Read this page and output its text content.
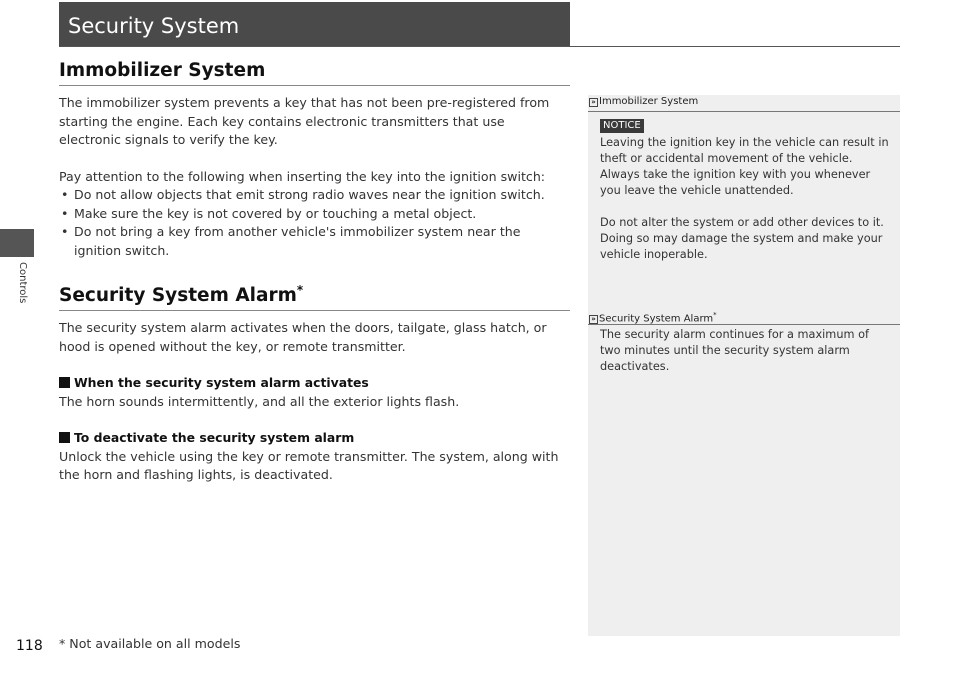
Security System
Controls
Immobilizer System

The immobilizer system prevents a key that has not been pre-registered from starting the engine. Each key contains electronic transmitters that use electronic signals to verify the key.

Pay attention to the following when inserting the key into the ignition switch:

• Do not allow objects that emit strong radio waves near the ignition switch.
• Make sure the key is not covered by or touching a metal object.
• Do not bring a key from another vehicle's immobilizer system near the ignition switch.
Security System Alarm*

The security system alarm activates when the doors, tailgate, glass hatch, or hood is opened without the key, or remote transmitter.

When the security system alarm activates

The horn sounds intermittently, and all the exterior lights flash.

To deactivate the security system alarm

Unlock the vehicle using the key or remote transmitter. The system, along with the horn and flashing lights, is deactivated.

» Immobilizer System
NOTICE
Leaving the ignition key in the vehicle can result in theft or accidental movement of the vehicle.
Always take the ignition key with you whenever you leave the vehicle unattended.
Do not alter the system or add other devices to it. Doing so may damage the system and make your vehicle inoperable.
» Security System Alarm*
The security alarm continues for a maximum of two minutes until the security system alarm deactivates.
118 * Not available on all models
